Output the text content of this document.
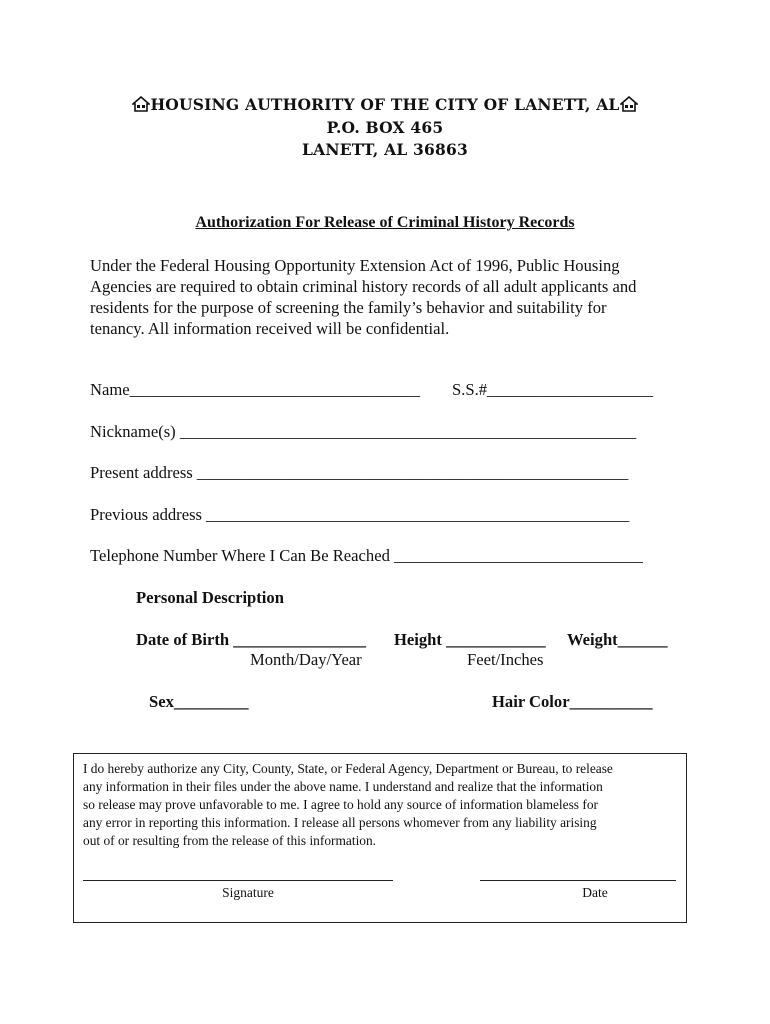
HOUSING AUTHORITY OF THE CITY OF LANETT, AL
P.O. BOX 465
LANETT, AL 36863
Authorization For Release of Criminal History Records
Under the Federal Housing Opportunity Extension Act of 1996, Public Housing
Agencies are required to obtain criminal history records of all adult applicants and
residents for the purpose of screening the family’s behavior and suitability for
tenancy. All information received will be confidential.
Name___________________________________ S.S.#____________________
Nickname(s) _______________________________________________________
Present address ____________________________________________________
Previous address ___________________________________________________
Telephone Number Where I Can Be Reached ______________________________
Personal Description
Date of Birth ________________ Height ____________ Weight______
Month/Day/Year	Feet/Inches
Sex_________	Hair Color__________
I do hereby authorize any City, County, State, or Federal Agency, Department or Bureau, to release
any information in their files under the above name. I understand and realize that the information
so release may prove unfavorable to me. I agree to hold any source of information blameless for
any error in reporting this information. I release all persons whomever from any liability arising
out of or resulting from the release of this information.
Signature	Date
